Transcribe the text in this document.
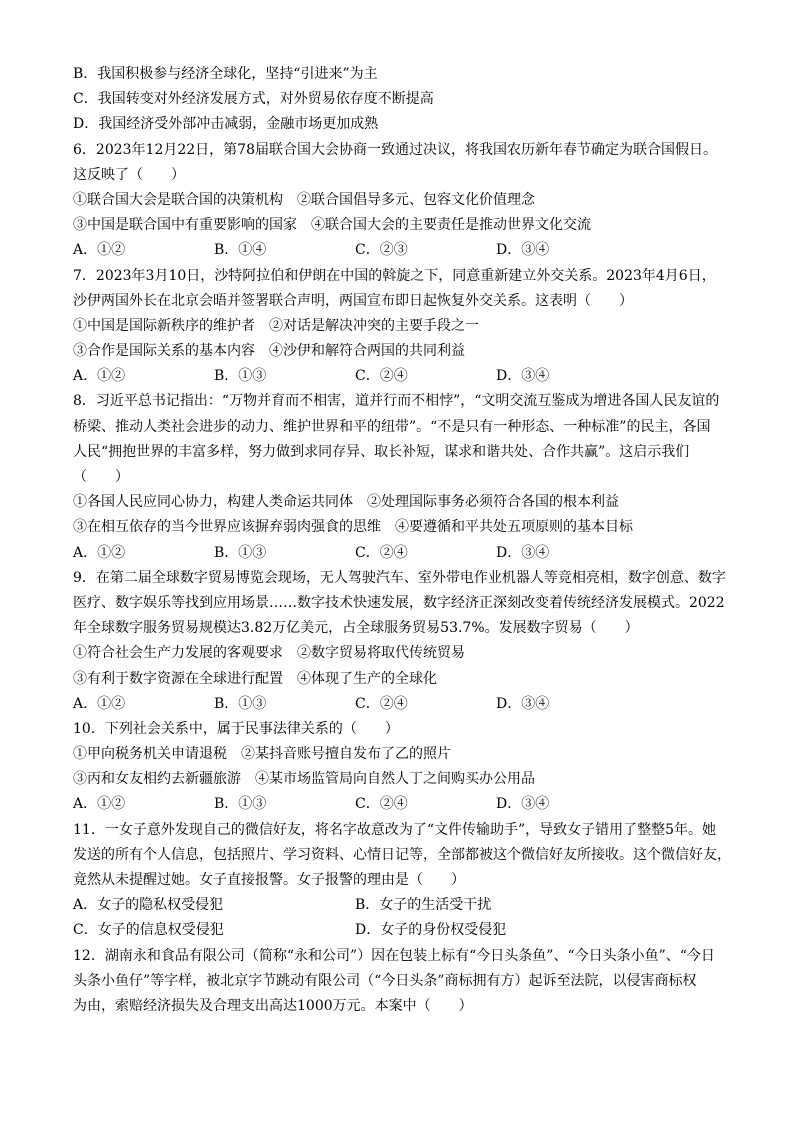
B．我国积极参与经济全球化，坚持“引进来”为主
C．我国转变对外经济发展方式，对外贸易依存度不断提高
D．我国经济受外部冲击减弱，金融市场更加成熟
6．2023年12月22日，第78届联合国大会协商一致通过决议，将我国农历新年春节确定为联合国假日。
这反映了（　　）
①联合国大会是联合国的决策机构　②联合国倡导多元、包容文化价值理念
③中国是联合国中有重要影响的国家　④联合国大会的主要责任是推动世界文化交流
A．①②	B．①④	C．②③	D．③④
7．2023年3月10日，沙特阿拉伯和伊朗在中国的斡旋之下，同意重新建立外交关系。2023年4月6日，
沙伊两国外长在北京会晤并签署联合声明，两国宣布即日起恢复外交关系。这表明（　　）
①中国是国际新秩序的维护者　②对话是解决冲突的主要手段之一
③合作是国际关系的基本内容　④沙伊和解符合两国的共同利益
A．①②	B．①③	C．②④	D．③④
8．习近平总书记指出：“万物并育而不相害，道并行而不相悖”，“文明交流互鉴成为增进各国人民友谊的
桥梁、推动人类社会进步的动力、维护世界和平的纽带”。“不是只有一种形态、一种标准”的民主，各国
人民“拥抱世界的丰富多样，努力做到求同存异、取长补短，谋求和谐共处、合作共赢”。这启示我们
（　　）
①各国人民应同心协力，构建人类命运共同体　②处理国际事务必须符合各国的根本利益
③在相互依存的当今世界应该摒弃弱肉强食的思维　④要遵循和平共处五项原则的基本目标
A．①②	B．①③	C．②④	D．③④
9．在第二届全球数字贸易博览会现场，无人驾驶汽车、室外带电作业机器人等竞相亮相，数字创意、数字
医疗、数字娱乐等找到应用场景……数字技术快速发展，数字经济正深刻改变着传统经济发展模式。2022
年全球数字服务贸易规模达3.82万亿美元，占全球服务贸易53.7%。发展数字贸易（　　）
①符合社会生产力发展的客观要求　②数字贸易将取代传统贸易
③有利于数字资源在全球进行配置　④体现了生产的全球化
A．①②	B．①③	C．②④	D．③④
10．下列社会关系中，属于民事法律关系的（　　）
①甲向税务机关申请退税　②某抖音账号擅自发布了乙的照片
③丙和女友相约去新疆旅游　④某市场监管局向自然人丁之间购买办公用品
A．①②	B．①③	C．②④	D．③④
11．一女子意外发现自己的微信好友，将名字故意改为了“文件传输助手”，导致女子错用了整整5年。她
发送的所有个人信息，包括照片、学习资料、心情日记等，全部都被这个微信好友所接收。这个微信好友，
竟然从未提醒过她。女子直接报警。女子报警的理由是（　　）
A．女子的隐私权受侵犯	B．女子的生活受干扰
C．女子的信息权受侵犯	D．女子的身份权受侵犯
12．湖南永和食品有限公司（简称“永和公司”）因在包装上标有“今日头条鱼”、“今日头条小鱼”、“今日
头条小鱼仔”等字样，被北京字节跳动有限公司（“今日头条”商标拥有方）起诉至法院，以侵害商标权
为由，索赔经济损失及合理支出高达1000万元。本案中（　　）
